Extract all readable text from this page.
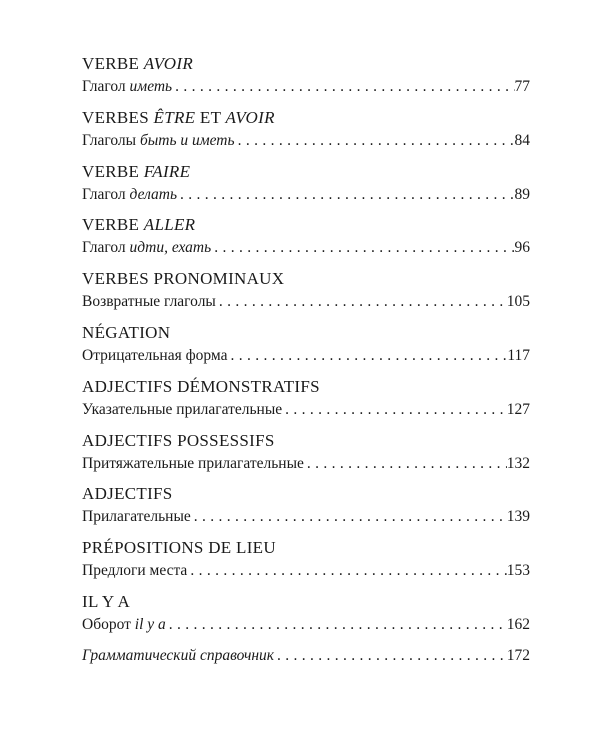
VERBE AVOIR
Глагол иметь . . .	77
VERBES ÊTRE ET AVOIR
Глаголы быть и иметь . . .	84
VERBE FAIRE
Глагол делать . . .	89
VERBE ALLER
Глагол идти, ехать . . .	96
VERBES PRONOMINAUX
Возвратные глаголы . . .	105
NÉGATION
Отрицательная форма . . .	117
ADJECTIFS DÉMONSTRATIFS
Указательные прилагательные . . .	127
ADJECTIFS POSSESSIFS
Притяжательные прилагательные . . .	132
ADJECTIFS
Прилагательные . . .	139
PRÉPOSITIONS DE LIEU
Предлоги места . . .	153
IL Y A
Оборот il y a . . .	162
Грамматический справочник . . .	172
